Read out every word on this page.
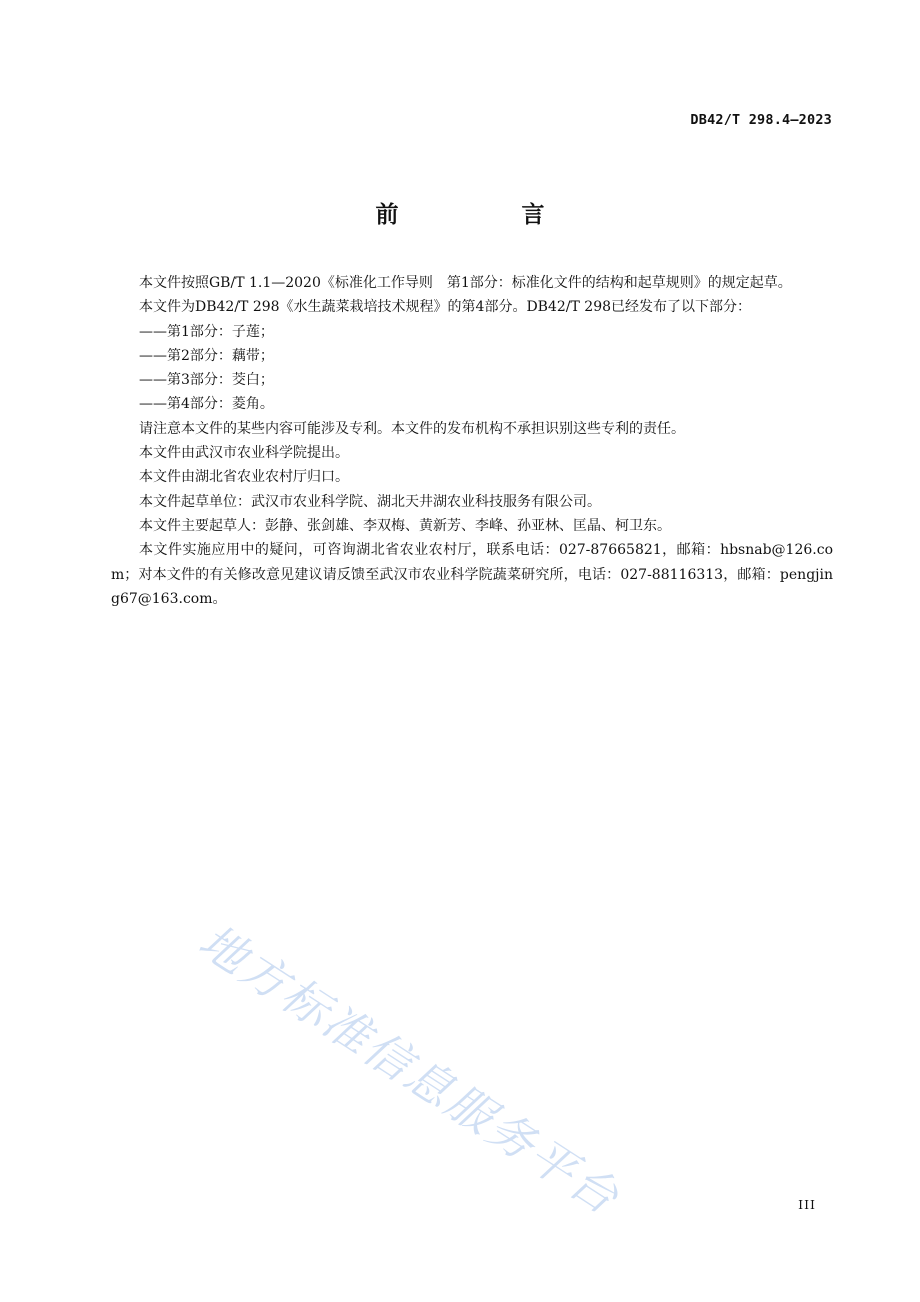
DB42/T 298.4—2023
前　言

本文件按照GB/T 1.1—2020《标准化工作导则　第1部分：标准化文件的结构和起草规则》的规定起草。

本文件为DB42/T 298《水生蔬菜栽培技术规程》的第4部分。DB42/T 298已经发布了以下部分：

——第1部分：子莲；

——第2部分：藕带；

——第3部分：茭白；

——第4部分：菱角。

请注意本文件的某些内容可能涉及专利。本文件的发布机构不承担识别这些专利的责任。

本文件由武汉市农业科学院提出。

本文件由湖北省农业农村厅归口。

本文件起草单位：武汉市农业科学院、湖北天井湖农业科技服务有限公司。

本文件主要起草人：彭静、张剑雄、李双梅、黄新芳、李峰、孙亚林、匡晶、柯卫东。

本文件实施应用中的疑问，可咨询湖北省农业农村厅，联系电话：027-87665821，邮箱：hbsnab@126.com；对本文件的有关修改意见建议请反馈至武汉市农业科学院蔬菜研究所，电话：027-88116313，邮箱：pengjing67@163.com。

地方标准信息服务平台	III
